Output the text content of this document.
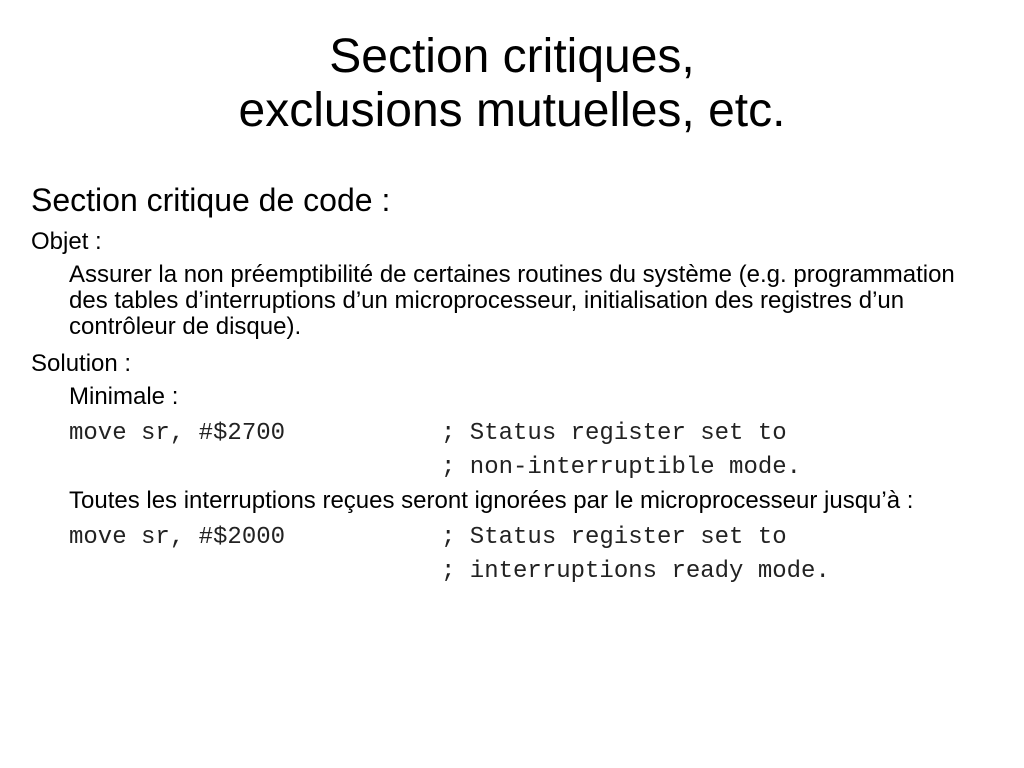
Section critiques,
exclusions mutuelles, etc.
Section critique de code :
Objet :
Assurer la non préemptibilité de certaines routines du système (e.g. programmation des tables d’interruptions d’un microprocesseur, initialisation des registres d’un contrôleur de disque).
Solution :
Minimale :

move sr, #$2700

	; Status register set to

; non-interruptible mode.

Toutes les interruptions reçues seront ignorées par le microprocesseur jusqu’à :

move sr, #$2000

	; Status register set to

; interruptions ready mode.
